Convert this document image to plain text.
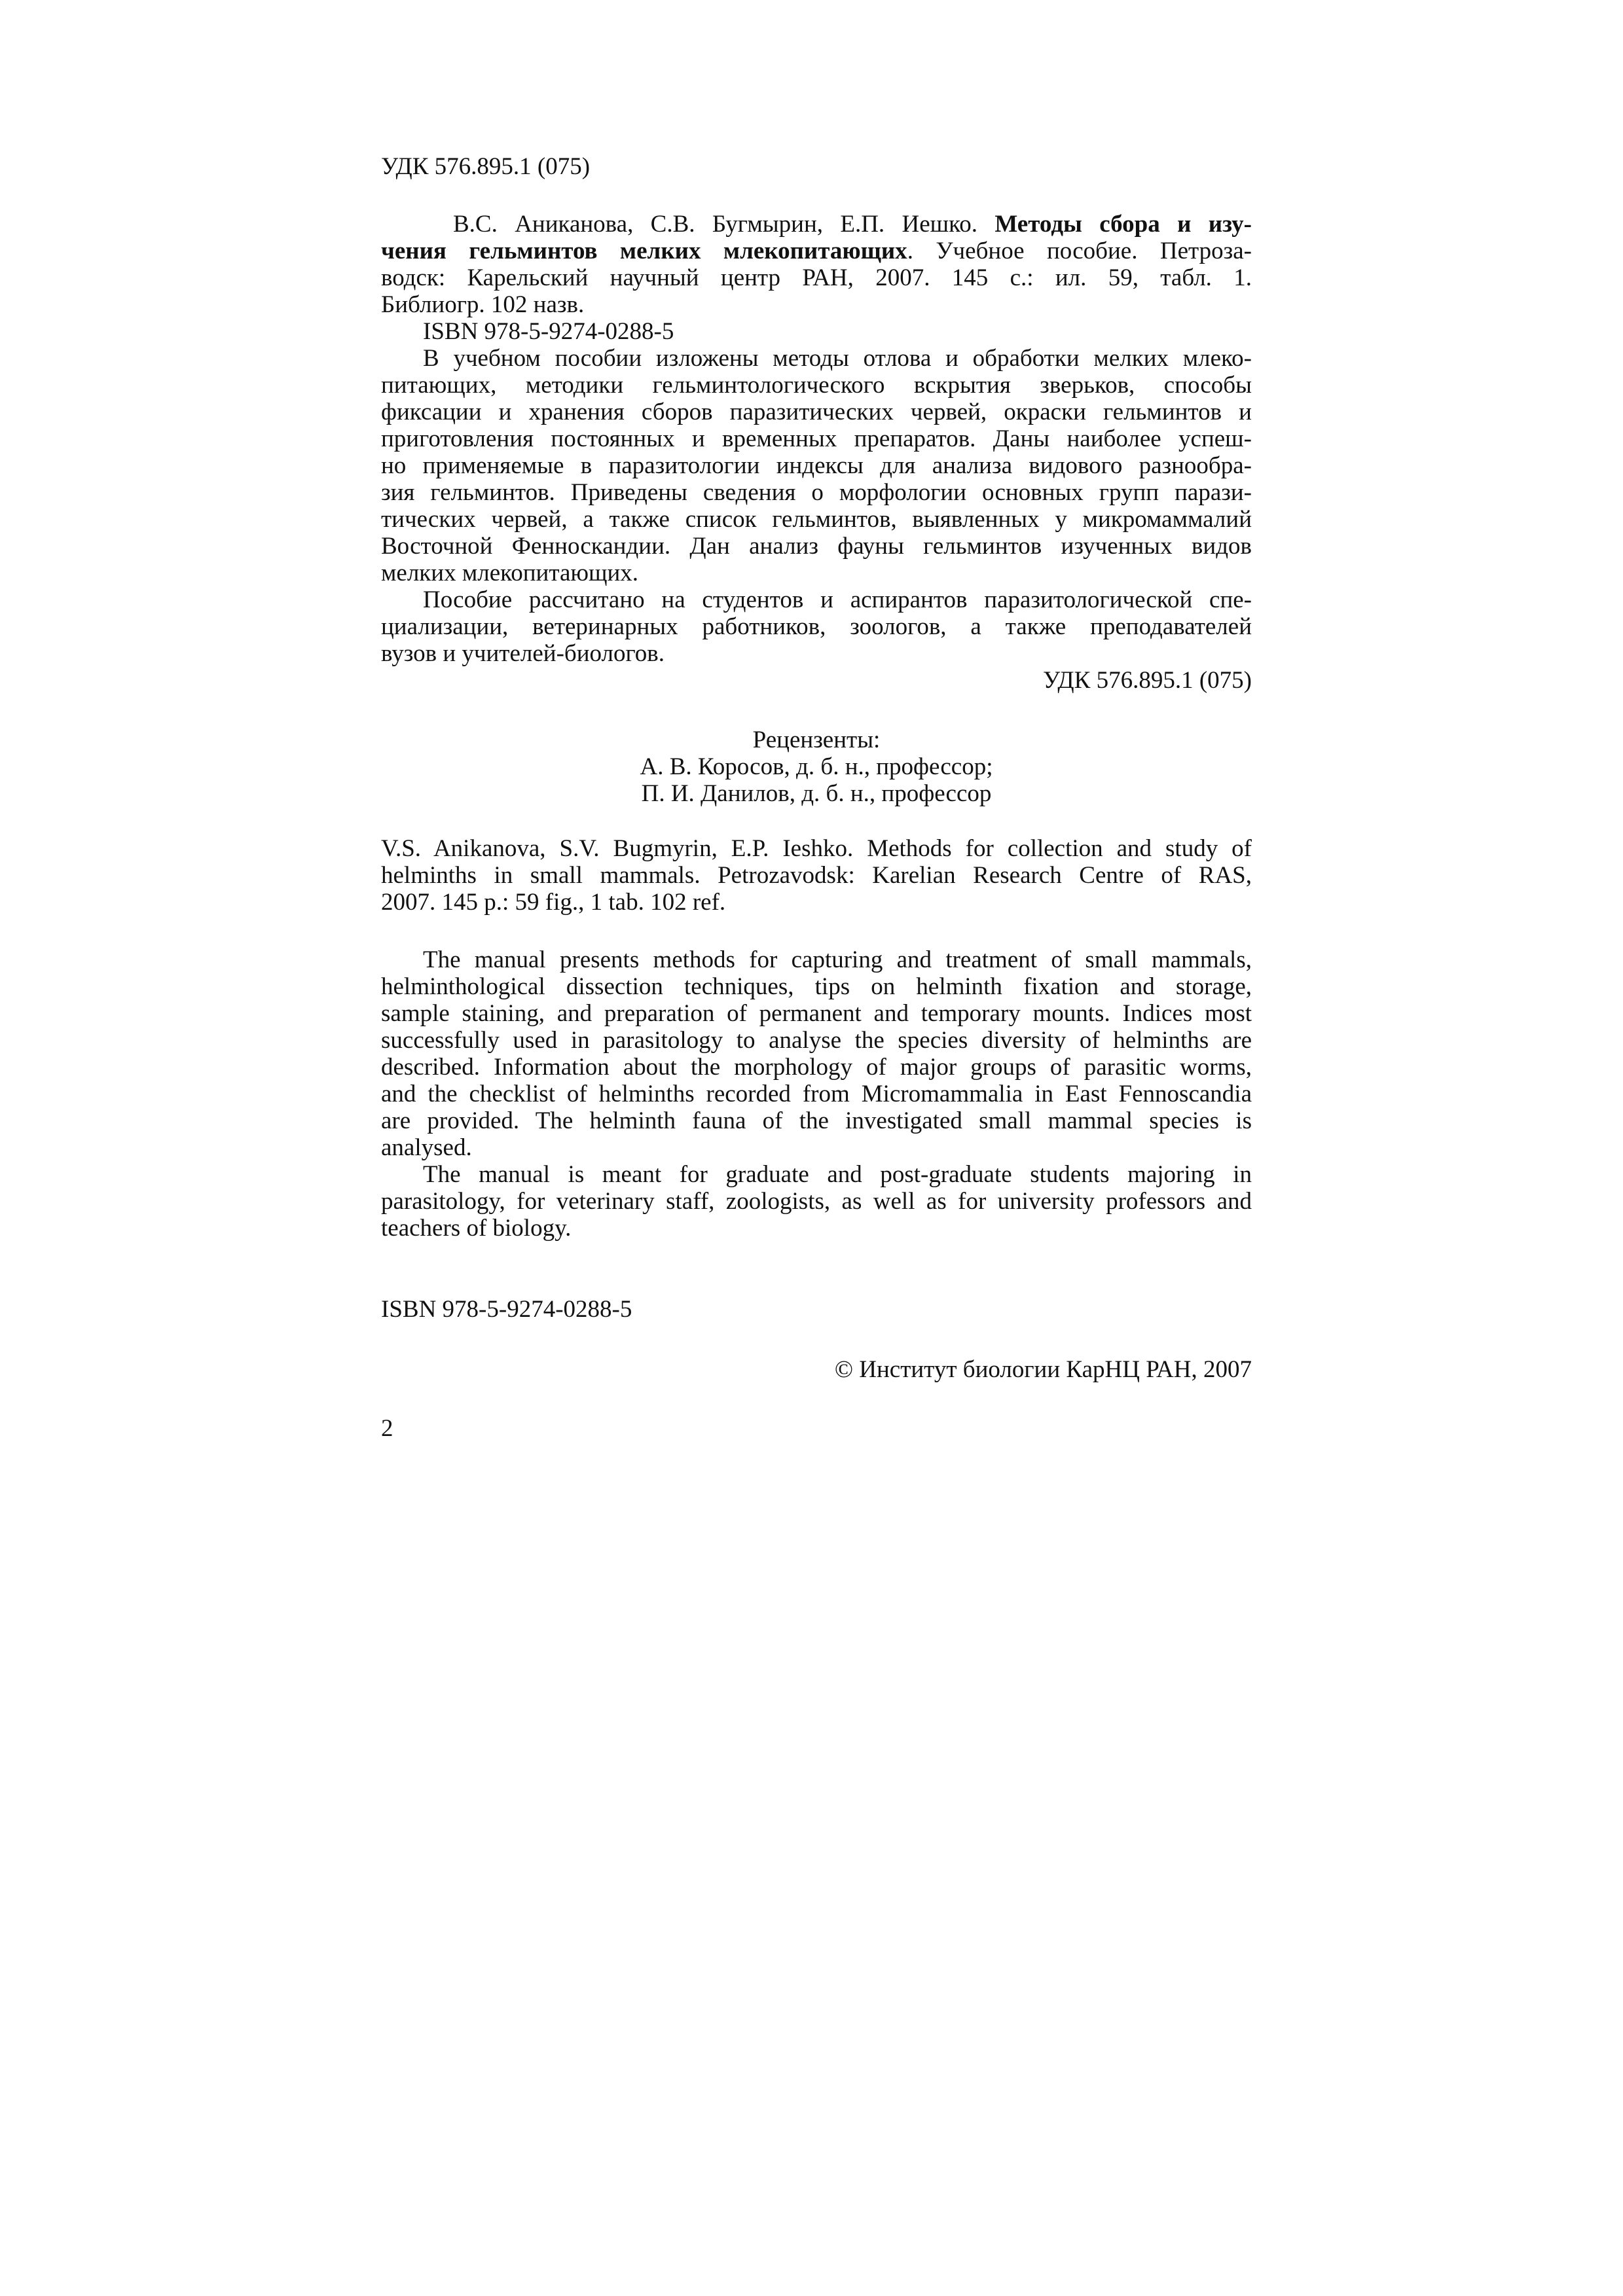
УДК 576.895.1 (075)
В.С. Аниканова, С.В. Бугмырин, Е.П. Иешко. Методы сбора и изу-
чения гельминтов мелких млекопитающих. Учебное пособие. Петроза-
водск: Карельский научный центр РАН, 2007. 145 с.: ил. 59, табл. 1.
Библиогр. 102 назв.
ISBN 978-5-9274-0288-5
В учебном пособии изложены методы отлова и обработки мелких млеко-
питающих, методики гельминтологического вскрытия зверьков, способы
фиксации и хранения сборов паразитических червей, окраски гельминтов и
приготовления постоянных и временных препаратов. Даны наиболее успеш-
но применяемые в паразитологии индексы для анализа видового разнообра-
зия гельминтов. Приведены сведения о морфологии основных групп парази-
тических червей, а также список гельминтов, выявленных у микромаммалий
Восточной Фенноскандии. Дан анализ фауны гельминтов изученных видов
мелких млекопитающих.
Пособие рассчитано на студентов и аспирантов паразитологической спе-
циализации, ветеринарных работников, зоологов, а также преподавателей
вузов и учителей-биологов.
УДК 576.895.1 (075)
Рецензенты:
А. В. Коросов, д. б. н., профессор;
П. И. Данилов, д. б. н., профессор
V.S. Anikanova, S.V. Bugmyrin, E.P. Ieshko. Methods for collection and study of
helminths in small mammals. Petrozavodsk: Karelian Research Centre of RAS,
2007. 145 p.: 59 fig., 1 tab. 102 ref.
The manual presents methods for capturing and treatment of small mammals,
helminthological dissection techniques, tips on helminth fixation and storage,
sample staining, and preparation of permanent and temporary mounts. Indices most
successfully used in parasitology to analyse the species diversity of helminths are
described. Information about the morphology of major groups of parasitic worms,
and the checklist of helminths recorded from Micromammalia in East Fennoscandia
are provided. The helminth fauna of the investigated small mammal species is
analysed.
The manual is meant for graduate and post-graduate students majoring in
parasitology, for veterinary staff, zoologists, as well as for university professors and
teachers of biology.
ISBN 978-5-9274-0288-5
© Институт биологии КарНЦ РАН, 2007
2
